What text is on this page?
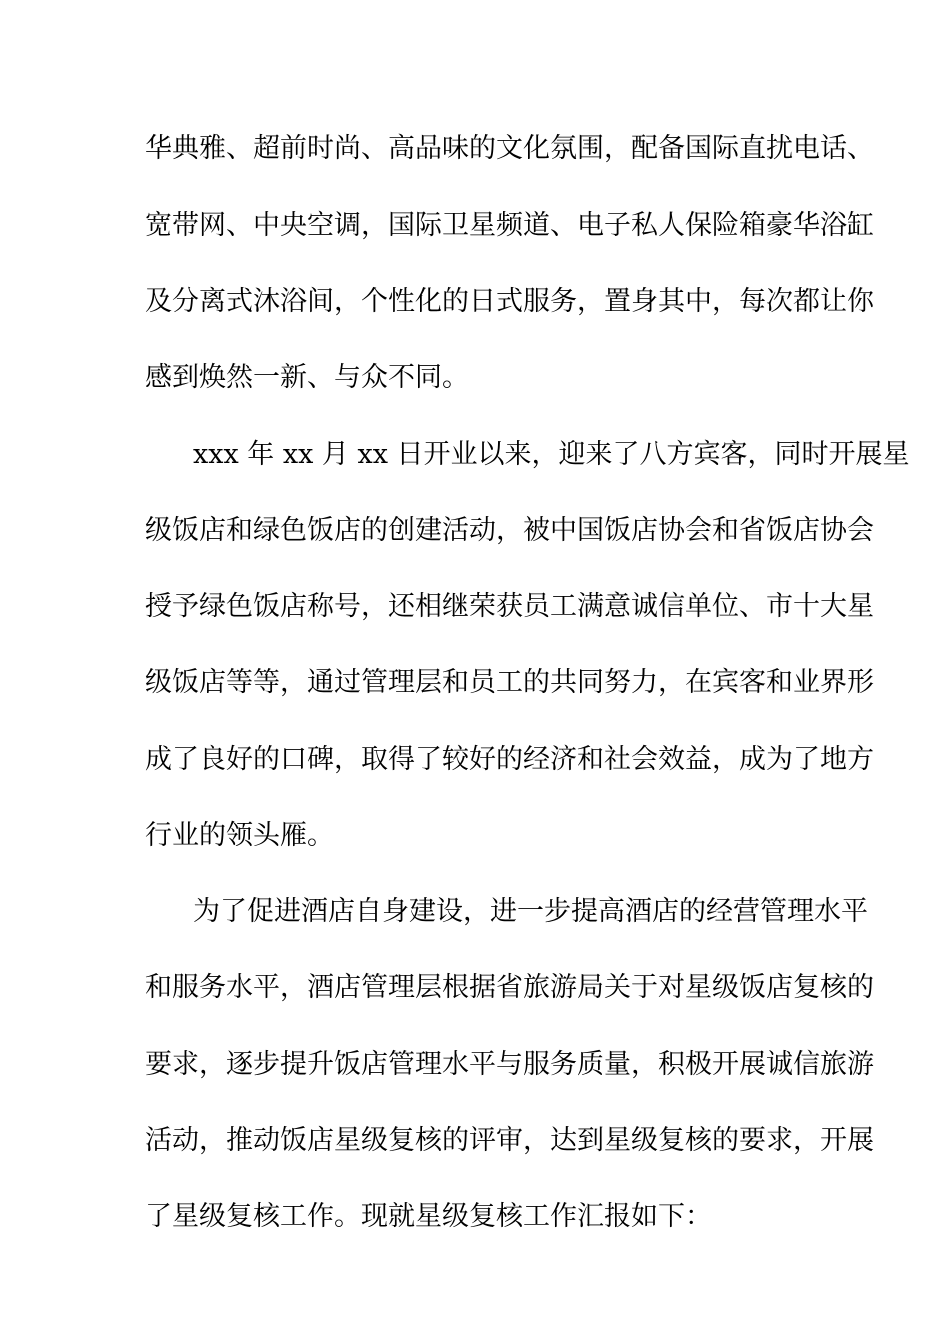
华典雅、超前时尚、高品味的文化氛围，配备国际直扰电话、
宽带网、中央空调，国际卫星频道、电子私人保险箱豪华浴缸
及分离式沐浴间，个性化的日式服务，置身其中，每次都让你
感到焕然一新、与众不同。
xxx 年 xx 月 xx 日开业以来，迎来了八方宾客，同时开展星
级饭店和绿色饭店的创建活动，被中国饭店协会和省饭店协会
授予绿色饭店称号，还相继荣获员工满意诚信单位、市十大星
级饭店等等，通过管理层和员工的共同努力，在宾客和业界形
成了良好的口碑，取得了较好的经济和社会效益，成为了地方
行业的领头雁。
为了促进酒店自身建设，进一步提高酒店的经营管理水平
和服务水平，酒店管理层根据省旅游局关于对星级饭店复核的
要求，逐步提升饭店管理水平与服务质量，积极开展诚信旅游
活动，推动饭店星级复核的评审，达到星级复核的要求，开展
了星级复核工作。现就星级复核工作汇报如下：
